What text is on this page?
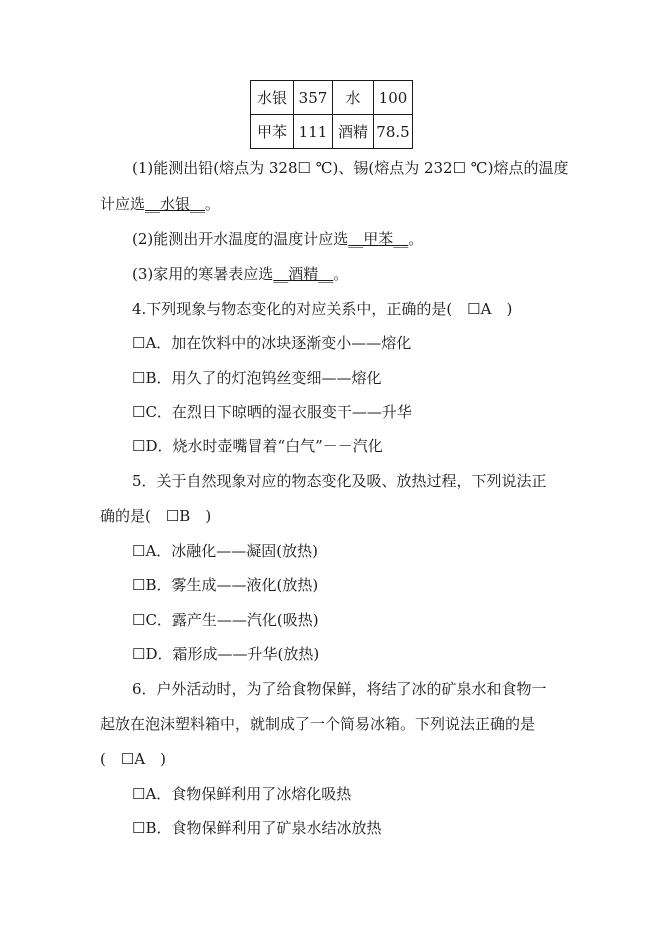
水银	357	水	100
甲苯	111	酒精	78.5
(1)能测出铅(熔点为 328☐ ℃)、锡(熔点为 232☐ ℃)熔点的温度
计应选__水银__。
(2)能测出开水温度的温度计应选__甲苯__。
(3)家用的寒暑表应选__酒精__。
4.下列现象与物态变化的对应关系中，正确的是( ☐A )
☐A．加在饮料中的冰块逐渐变小——熔化
☐B．用久了的灯泡钨丝变细——熔化
☐C．在烈日下晾晒的湿衣服变干——升华
☐D．烧水时壶嘴冒着“白气”－－汽化
5．关于自然现象对应的物态变化及吸、放热过程，下列说法正
确的是( ☐B )
☐A．冰融化——凝固(放热)
☐B．雾生成——液化(放热)
☐C．露产生——汽化(吸热)
☐D．霜形成——升华(放热)
6．户外活动时，为了给食物保鲜，将结了冰的矿泉水和食物一
起放在泡沫塑料箱中，就制成了一个简易冰箱。下列说法正确的是
( ☐A )
☐A．食物保鲜利用了冰熔化吸热
☐B．食物保鲜利用了矿泉水结冰放热
